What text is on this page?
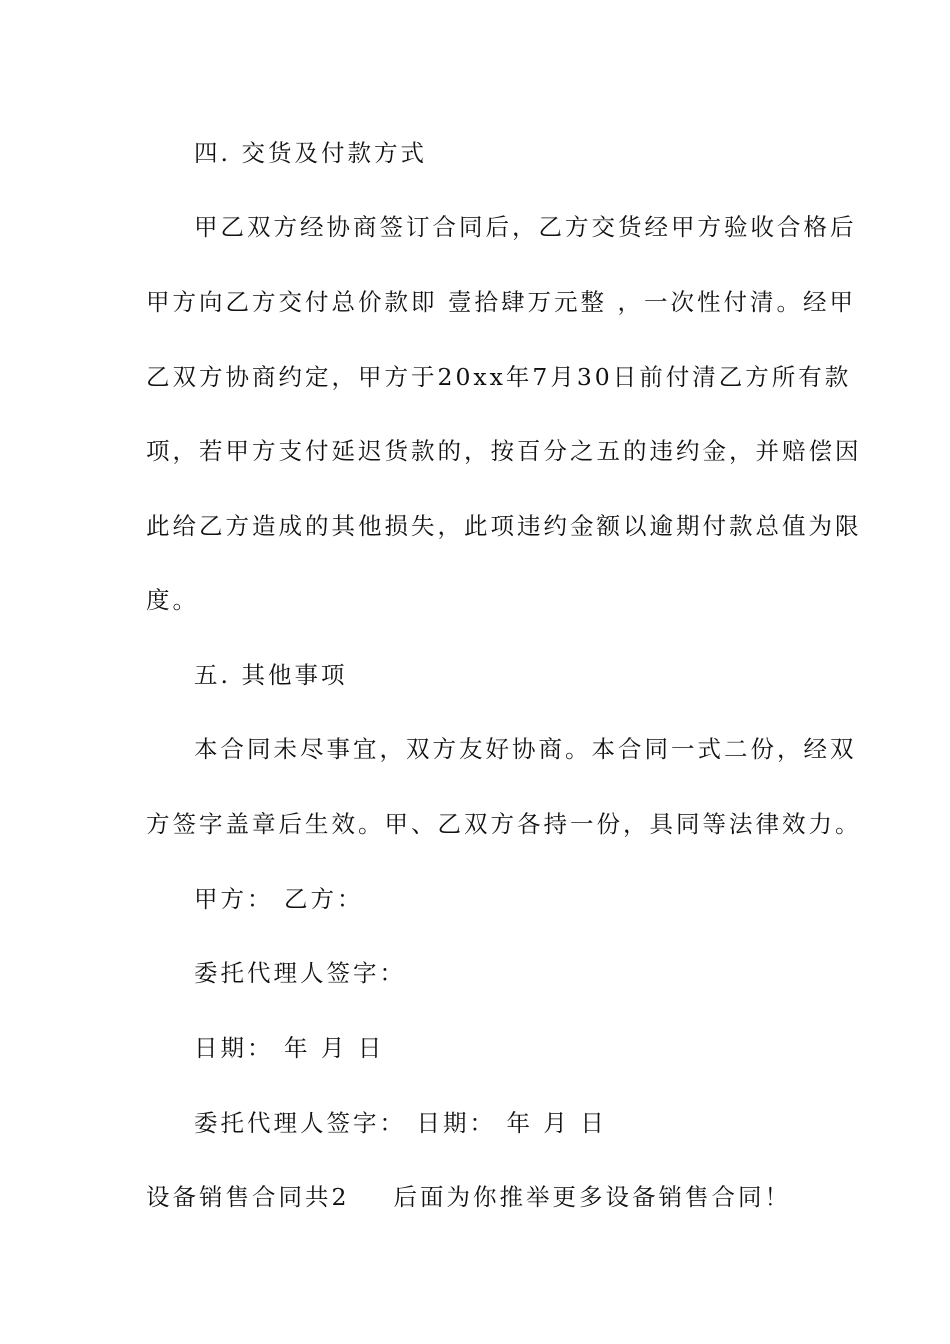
四. 交货及付款方式
甲乙双方经协商签订合同后，乙方交货经甲方验收合格后
甲方向乙方交付总价款即 壹拾肆万元整 ，一次性付清。经甲
乙双方协商约定，甲方于20xx年7月30日前付清乙方所有款
项，若甲方支付延迟货款的，按百分之五的违约金，并赔偿因
此给乙方造成的其他损失，此项违约金额以逾期付款总值为限
度。
五. 其他事项
本合同未尽事宜，双方友好协商。本合同一式二份，经双
方签字盖章后生效。甲、乙双方各持一份，具同等法律效力。
甲方： 乙方：
委托代理人签字：
日期： 年 月 日
委托代理人签字： 日期： 年 月 日
设备销售合同共2 后面为你推举更多设备销售合同！
